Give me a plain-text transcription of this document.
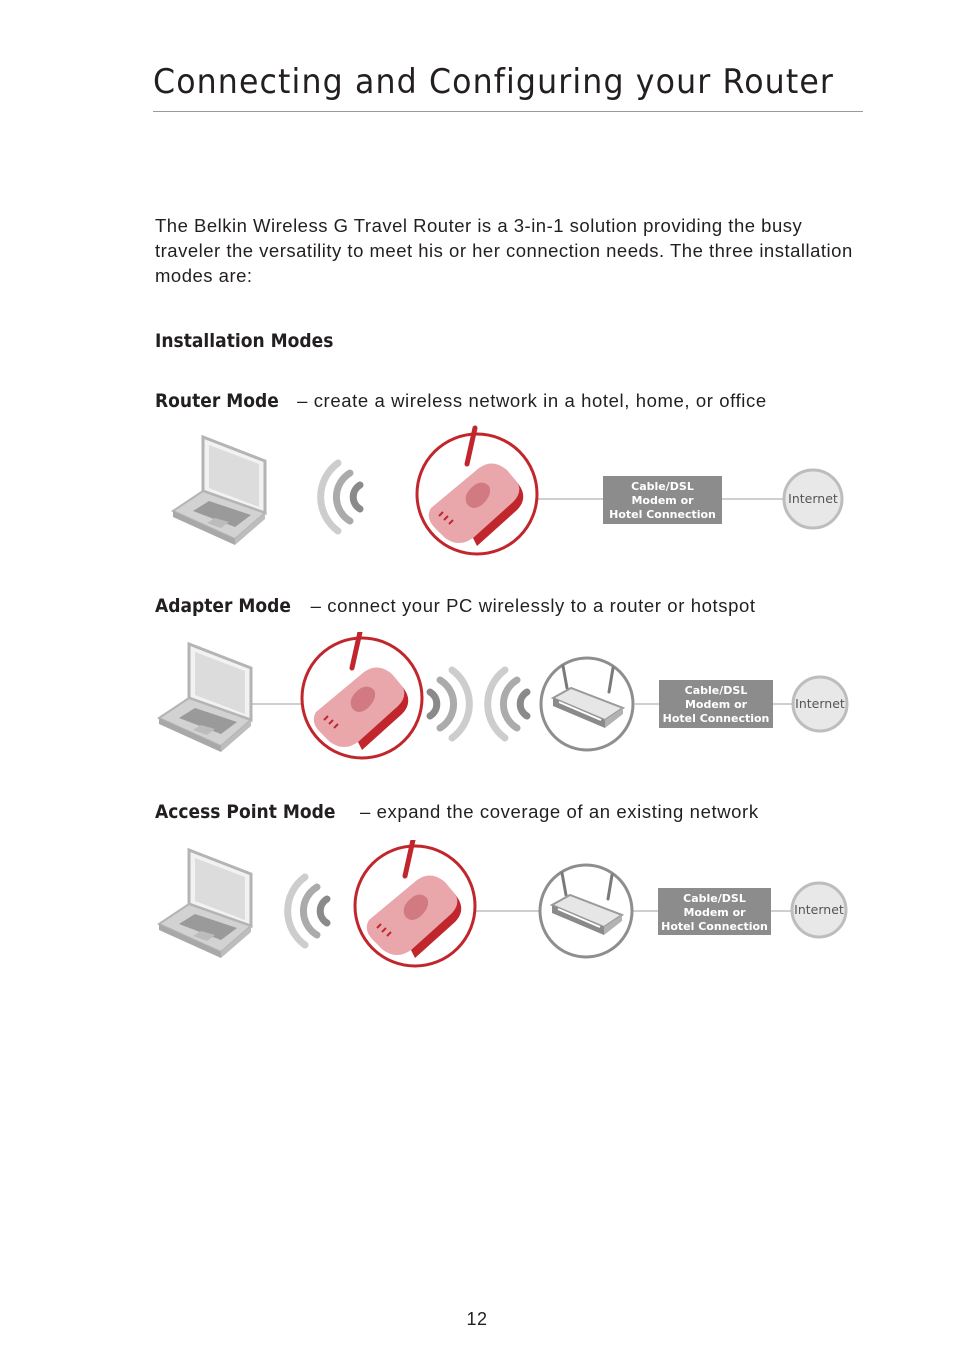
Connecting and Configuring your Router

The Belkin Wireless G Travel Router is a 3-in-1 solution providing the busy traveler the versatility to meet his or her connection needs. The three installation modes are:

Installation Modes
Router Mode – create a wireless network in a hotel, home, or office
Cable/DSL
Modem or
Hotel Connection
Internet
Adapter Mode – connect your PC wirelessly to a router or hotspot
Cable/DSL
Modem or
Hotel Connection
Internet
Access Point Mode – expand the coverage of an existing network
Cable/DSL
Modem or
Hotel Connection
Internet
12
